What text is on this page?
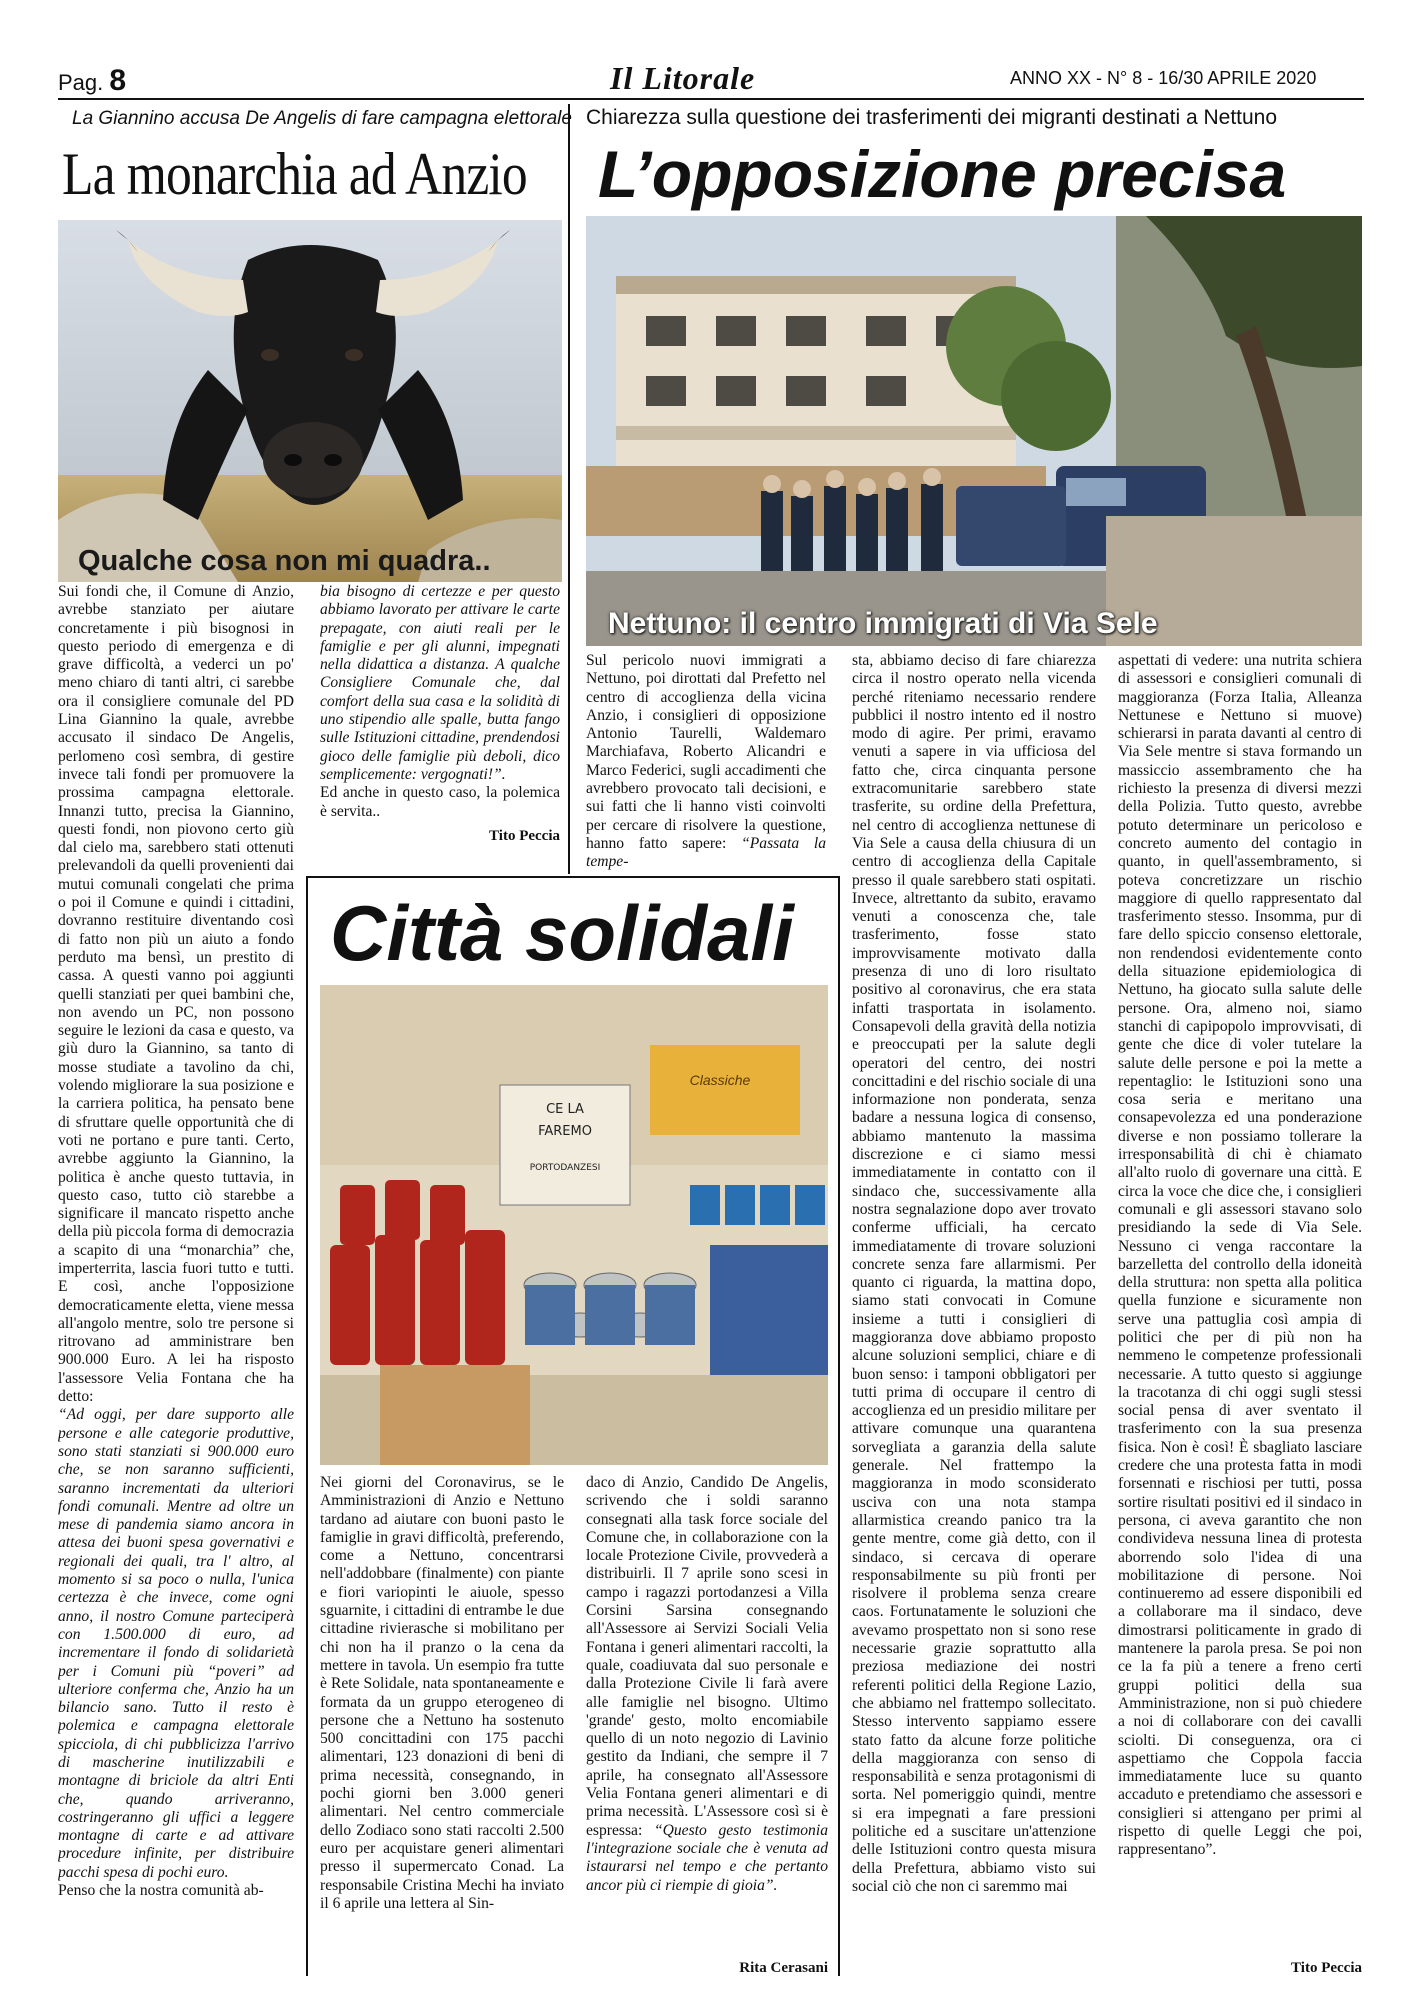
Pag. 8	Il Litorale	ANNO XX - N° 8 - 16/30 APRILE 2020
La Giannino accusa De Angelis di fare campagna elettorale
La monarchia ad Anzio
Chiarezza sulla questione dei trasferimenti dei migranti destinati a Nettuno
L’opposizione precisa
Qualche cosa non mi quadra..

Sui fondi che, il Comune di Anzio, avrebbe stanziato per aiutare concretamente i più bisognosi in questo periodo di emergenza e di grave difficoltà, a vederci un po' meno chiaro di tanti altri, ci sarebbe ora il consigliere comunale del PD Lina Giannino la quale, avrebbe accusato il sindaco De Angelis, perlomeno così sembra, di gestire invece tali fondi per promuovere la prossima campagna elettorale. Innanzi tutto, precisa la Giannino, questi fondi, non piovono certo giù dal cielo ma, sarebbero stati ottenuti prelevandoli da quelli provenienti dai mutui comunali congelati che prima o poi il Comune e quindi i cittadini, dovranno restituire diventando così di fatto non più un aiuto a fondo perduto ma bensì, un prestito di cassa. A questi vanno poi aggiunti quelli stanziati per quei bambini che, non avendo un PC, non possono seguire le lezioni da casa e questo, va giù duro la Giannino, sa tanto di mosse studiate a tavolino da chi, volendo migliorare la sua posizione e la carriera politica, ha pensato bene di sfruttare quelle opportunità che di voti ne portano e pure tanti. Certo, avrebbe aggiunto la Giannino, la politica è anche questo tuttavia, in questo caso, tutto ciò starebbe a significare il mancato rispetto anche della più piccola forma di democrazia a scapito di una “monarchia” che, imperterrita, lascia fuori tutto e tutti. E così, anche l'opposizione democraticamente eletta, viene messa all'angolo mentre, solo tre persone si ritrovano ad amministrare ben 900.000 Euro. A lei ha risposto l'assessore Velia Fontana che ha detto:

“Ad oggi, per dare supporto alle persone e alle categorie produttive, sono stati stanziati si 900.000 euro che, se non saranno sufficienti, saranno incrementati da ulteriori fondi comunali. Mentre ad oltre un mese di pandemia siamo ancora in attesa dei buoni spesa governativi e regionali dei quali, tra l' altro, al momento si sa poco o nulla, l'unica certezza è che invece, come ogni anno, il nostro Comune parteciperà con 1.500.000 di euro, ad incrementare il fondo di solidarietà per i Comuni più “poveri” ad ulteriore conferma che, Anzio ha un bilancio sano. Tutto il resto è polemica e campagna elettorale spicciola, di chi pubblicizza l'arrivo di mascherine inutilizzabili e montagne di briciole da altri Enti che, quando arriveranno, costringeranno gli uffici a leggere montagne di carte e ad attivare procedure infinite, per distribuire pacchi spesa di pochi euro.

Penso che la nostra comunità ab-

bia bisogno di certezze e per questo abbiamo lavorato per attivare le carte prepagate, con aiuti reali per le famiglie e per gli alunni, impegnati nella didattica a distanza. A qualche Consigliere Comunale che, dal comfort della sua casa e la solidità di uno stipendio alle spalle, butta fango sulle Istituzioni cittadine, prendendosi gioco delle famiglie più deboli, dico semplicemente: vergognati!”.

Ed anche in questo caso, la polemica è servita..

Tito Peccia
Nettuno: il centro immigrati di Via Sele

Sul pericolo nuovi immigrati a Nettuno, poi dirottati dal Prefetto nel centro di accoglienza della vicina Anzio, i consiglieri di opposizione Antonio Taurelli, Waldemaro Marchiafava, Roberto Alicandri e Marco Federici, sugli accadimenti che avrebbero provocato tali decisioni, e sui fatti che li hanno visti coinvolti per cercare di risolvere la questione, hanno fatto sapere: “Passata la tempe-

sta, abbiamo deciso di fare chiarezza circa il nostro operato nella vicenda perché riteniamo necessario rendere pubblici il nostro intento ed il nostro modo di agire. Per primi, eravamo venuti a sapere in via ufficiosa del fatto che, circa cinquanta persone extracomunitarie sarebbero state trasferite, su ordine della Prefettura, nel centro di accoglienza nettunese di Via Sele a causa della chiusura di un centro di accoglienza della Capitale presso il quale sarebbero stati ospitati. Invece, altrettanto da subito, eravamo venuti a conoscenza che, tale trasferimento, fosse stato improvvisamente motivato dalla presenza di uno di loro risultato positivo al coronavirus, che era stata infatti trasportata in isolamento. Consapevoli della gravità della notizia e preoccupati per la salute degli operatori del centro, dei nostri concittadini e del rischio sociale di una informazione non ponderata, senza badare a nessuna logica di consenso, abbiamo mantenuto la massima discrezione e ci siamo messi immediatamente in contatto con il sindaco che, successivamente alla nostra segnalazione dopo aver trovato conferme ufficiali, ha cercato immediatamente di trovare soluzioni concrete senza fare allarmismi. Per quanto ci riguarda, la mattina dopo, siamo stati convocati in Comune insieme a tutti i consiglieri di maggioranza dove abbiamo proposto alcune soluzioni semplici, chiare e di buon senso: i tamponi obbligatori per tutti prima di occupare il centro di accoglienza ed un presidio militare per attivare comunque una quarantena sorvegliata a garanzia della salute generale. Nel frattempo la maggioranza in modo sconsiderato usciva con una nota stampa allarmistica creando panico tra la gente mentre, come già detto, con il sindaco, si cercava di operare responsabilmente su più fronti per risolvere il problema senza creare caos. Fortunatamente le soluzioni che avevamo prospettato non si sono rese necessarie grazie soprattutto alla preziosa mediazione dei nostri referenti politici della Regione Lazio, che abbiamo nel frattempo sollecitato. Stesso intervento sappiamo essere stato fatto da alcune forze politiche della maggioranza con senso di responsabilità e senza protagonismi di sorta. Nel pomeriggio quindi, mentre si era impegnati a fare pressioni politiche ed a suscitare un'attenzione delle Istituzioni contro questa misura della Prefettura, abbiamo visto sui social ciò che non ci saremmo mai

aspettati di vedere: una nutrita schiera di assessori e consiglieri comunali di maggioranza (Forza Italia, Alleanza Nettunese e Nettuno si muove) schierarsi in parata davanti al centro di Via Sele mentre si stava formando un massiccio assembramento che ha richiesto la presenza di diversi mezzi della Polizia. Tutto questo, avrebbe potuto determinare un pericoloso e concreto aumento del contagio in quanto, in quell'assembramento, si poteva concretizzare un rischio maggiore di quello rappresentato dal trasferimento stesso. Insomma, pur di fare dello spiccio consenso elettorale, non rendendosi evidentemente conto della situazione epidemiologica di Nettuno, ha giocato sulla salute delle persone. Ora, almeno noi, siamo stanchi di capipopolo improvvisati, di gente che dice di voler tutelare la salute delle persone e poi la mette a repentaglio: le Istituzioni sono una cosa seria e meritano una consapevolezza ed una ponderazione diverse e non possiamo tollerare la irresponsabilità di chi è chiamato all'alto ruolo di governare una città. E circa la voce che dice che, i consiglieri comunali e gli assessori stavano solo presidiando la sede di Via Sele. Nessuno ci venga raccontare la barzelletta del controllo della idoneità della struttura: non spetta alla politica quella funzione e sicuramente non serve una pattuglia così ampia di politici che per di più non ha nemmeno le competenze professionali necessarie. A tutto questo si aggiunge la tracotanza di chi oggi sugli stessi social pensa di aver sventato il trasferimento con la sua presenza fisica. Non è così! È sbagliato lasciare credere che una protesta fatta in modi forsennati e rischiosi per tutti, possa sortire risultati positivi ed il sindaco in persona, ci aveva garantito che non condivideva nessuna linea di protesta aborrendo solo l'idea di una mobilitazione di persone. Noi continueremo ad essere disponibili ed a collaborare ma il sindaco, deve dimostrarsi politicamente in grado di mantenere la parola presa. Se poi non ce la fa più a tenere a freno certi gruppi politici della sua Amministrazione, non si può chiedere a noi di collaborare con dei cavalli sciolti. Di conseguenza, ora ci aspettiamo che Coppola faccia immediatamente luce su quanto accaduto e pretendiamo che assessori e consiglieri si attengano per primi al rispetto di quelle Leggi che poi, rappresentano”.

Tito Peccia
Città solidali
Classiche
CE LA
FAREMO
PORTODANZESI

Nei giorni del Coronavirus, se le Amministrazioni di Anzio e Nettuno tardano ad aiutare con buoni pasto le famiglie in gravi difficoltà, preferendo, come a Nettuno, concentrarsi nell'addobbare (finalmente) con piante e fiori variopinti le aiuole, spesso sguarnite, i cittadini di entrambe le due cittadine rivierasche si mobilitano per chi non ha il pranzo o la cena da mettere in tavola. Un esempio fra tutte è Rete Solidale, nata spontaneamente e formata da un gruppo eterogeneo di persone che a Nettuno ha sostenuto 500 concittadini con 175 pacchi alimentari, 123 donazioni di beni di prima necessità, consegnando, in pochi giorni ben 3.000 generi alimentari. Nel centro commerciale dello Zodiaco sono stati raccolti 2.500 euro per acquistare generi alimentari presso il supermercato Conad. La responsabile Cristina Mechi ha inviato il 6 aprile una lettera al Sin-

daco di Anzio, Candido De Angelis, scrivendo che i soldi saranno consegnati alla task force sociale del Comune che, in collaborazione con la locale Protezione Civile, provvederà a distribuirli. Il 7 aprile sono scesi in campo i ragazzi portodanzesi a Villa Corsini Sarsina consegnando all'Assessore ai Servizi Sociali Velia Fontana i generi alimentari raccolti, la quale, coadiuvata dal suo personale e dalla Protezione Civile li farà avere alle famiglie nel bisogno. Ultimo 'grande' gesto, molto encomiabile quello di un noto negozio di Lavinio gestito da Indiani, che sempre il 7 aprile, ha consegnato all'Assessore Velia Fontana generi alimentari e di prima necessità. L'Assessore così si è espressa: “Questo gesto testimonia l'integrazione sociale che è venuta ad istaurarsi nel tempo e che pertanto ancor più ci riempie di gioia”.

Rita Cerasani
